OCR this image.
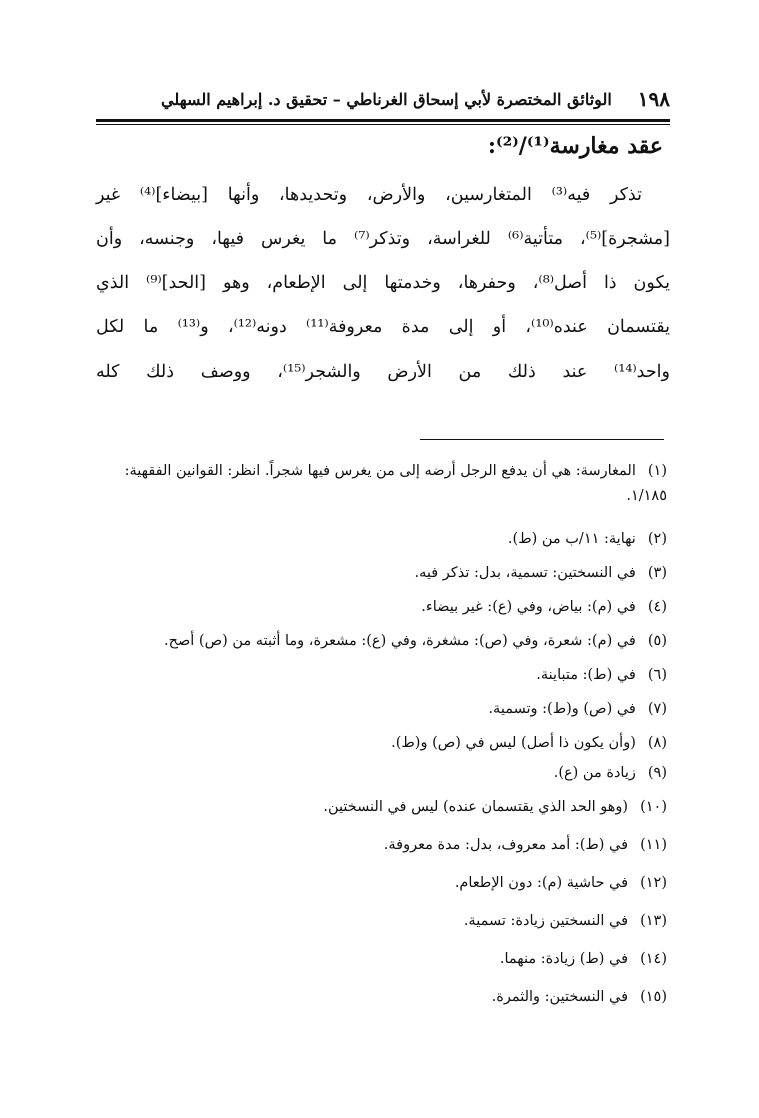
١٩٨
الوثائق المختصرة لأبي إسحاق الغرناطي – تحقيق د. إبراهيم السهلي
عقد مغارسة⁽¹⁾/⁽²⁾:
تذكر فيه⁽³⁾ المتغارسين، والأرض، وتحديدها، وأنها [بيضاء]⁽⁴⁾ غير
[مشجرة]⁽⁵⁾، متأتية⁽⁶⁾ للغراسة، وتذكر⁽⁷⁾ ما يغرس فيها، وجنسه، وأن
يكون ذا أصل⁽⁸⁾، وحفرها، وخدمتها إلى الإطعام، وهو [الحد]⁽⁹⁾ الذي
يقتسمان عنده⁽¹⁰⁾، أو إلى مدة معروفة⁽¹¹⁾ دونه⁽¹²⁾، و⁽¹³⁾ ما لكل
واحد⁽¹⁴⁾ عند ذلك من الأرض والشجر⁽¹⁵⁾، ووصف ذلك كله
(١)المغارسة: هي أن يدفع الرجل أرضه إلى من يغرس فيها شجراً. انظر: القوانين الفقهية: ١/١٨٥.
(٢)نهاية: ١١/ب من (ط).
(٣)في النسختين: تسمية، بدل: تذكر فيه.
(٤)في (م): بياض، وفي (ع): غير بيضاء.
(٥)في (م): شعرة، وفي (ص): مشغرة، وفي (ع): مشعرة، وما أثبته من (ص) أصح.
(٦)في (ط): متباينة.
(٧)في (ص) و(ط): وتسمية.
(٨)(وأن يكون ذا أصل) ليس في (ص) و(ط).
(٩)زيادة من (ع).
(١٠)(وهو الحد الذي يقتسمان عنده) ليس في النسختين.
(١١)في (ط): أمد معروف، بدل: مدة معروفة.
(١٢)في حاشية (م): دون الإطعام.
(١٣)في النسختين زيادة: تسمية.
(١٤)في (ط) زيادة: منهما.
(١٥)في النسختين: والثمرة.
